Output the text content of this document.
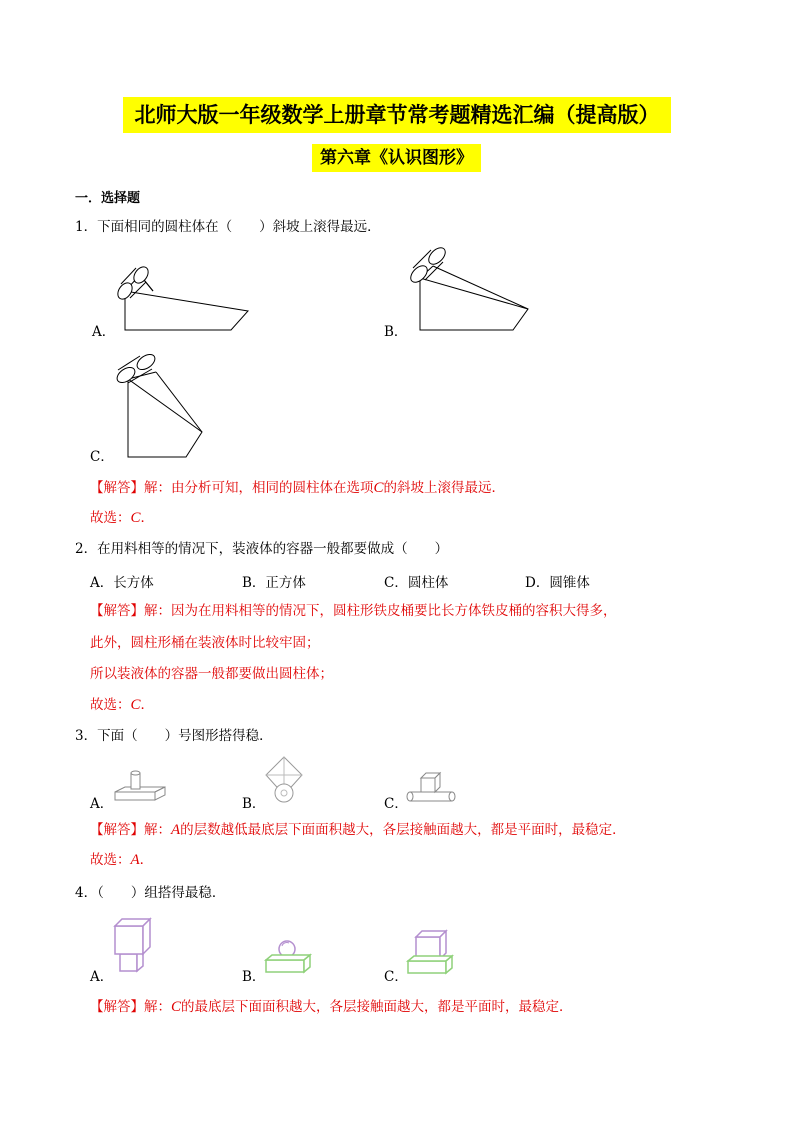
北师大版一年级数学上册章节常考题精选汇编（提高版）
第六章《认识图形》
一．选择题
1．下面相同的圆柱体在（　　）斜坡上滚得最远．
A．	B．
C．
【解答】解：由分析可知，相同的圆柱体在选项C的斜坡上滚得最远．
故选：C．
2．在用料相等的情况下，装液体的容器一般都要做成（　　）
A．长方体	B．正方体	C．圆柱体	D．圆锥体
【解答】解：因为在用料相等的情况下，圆柱形铁皮桶要比长方体铁皮桶的容积大得多，
此外，圆柱形桶在装液体时比较牢固；
所以装液体的容器一般都要做出圆柱体；
故选：C．
3．下面（　　）号图形搭得稳．
A．	B．	C．
【解答】解：A的层数越低最底层下面面积越大，各层接触面越大，都是平面时，最稳定．
故选：A．
4．（　　）组搭得最稳．
A．	B．	C．
【解答】解：C的最底层下面面积越大，各层接触面越大，都是平面时，最稳定．
